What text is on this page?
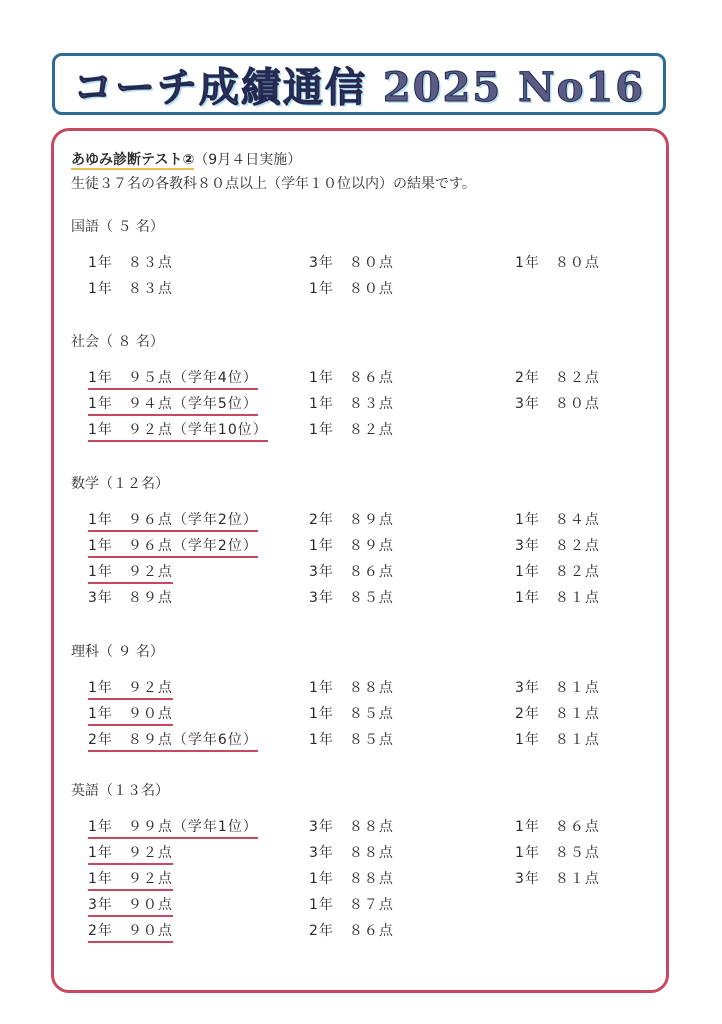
コーチ成績通信 2025 No16
あゆみ診断テスト②（9月４日実施）
生徒３７名の各教科８０点以上（学年１０位以内）の結果です。
国語（ ５ 名）
1年　８３点
1年　８３点
3年　８０点
1年　８０点
1年　８０点
社会（ ８ 名）
1年　９５点（学年4位）
1年　９４点（学年5位）
1年　９２点（学年10位）
1年　８６点
1年　８３点
1年　８２点
2年　８２点
3年　８０点
数学（１２名）
1年　９６点（学年2位）
1年　９６点（学年2位）
1年　９２点
3年　８９点
2年　８９点
1年　８９点
3年　８６点
3年　８５点
1年　８４点
3年　８２点
1年　８２点
1年　８１点
理科（ ９ 名）
1年　９２点
1年　９０点
2年　８９点（学年6位）
1年　８８点
1年　８５点
1年　８５点
3年　８１点
2年　８１点
1年　８１点
英語（１３名）
1年　９９点（学年1位）
1年　９２点
1年　９２点
3年　９０点
2年　９０点
3年　８８点
3年　８８点
1年　８８点
1年　８７点
2年　８６点
1年　８６点
1年　８５点
3年　８１点
